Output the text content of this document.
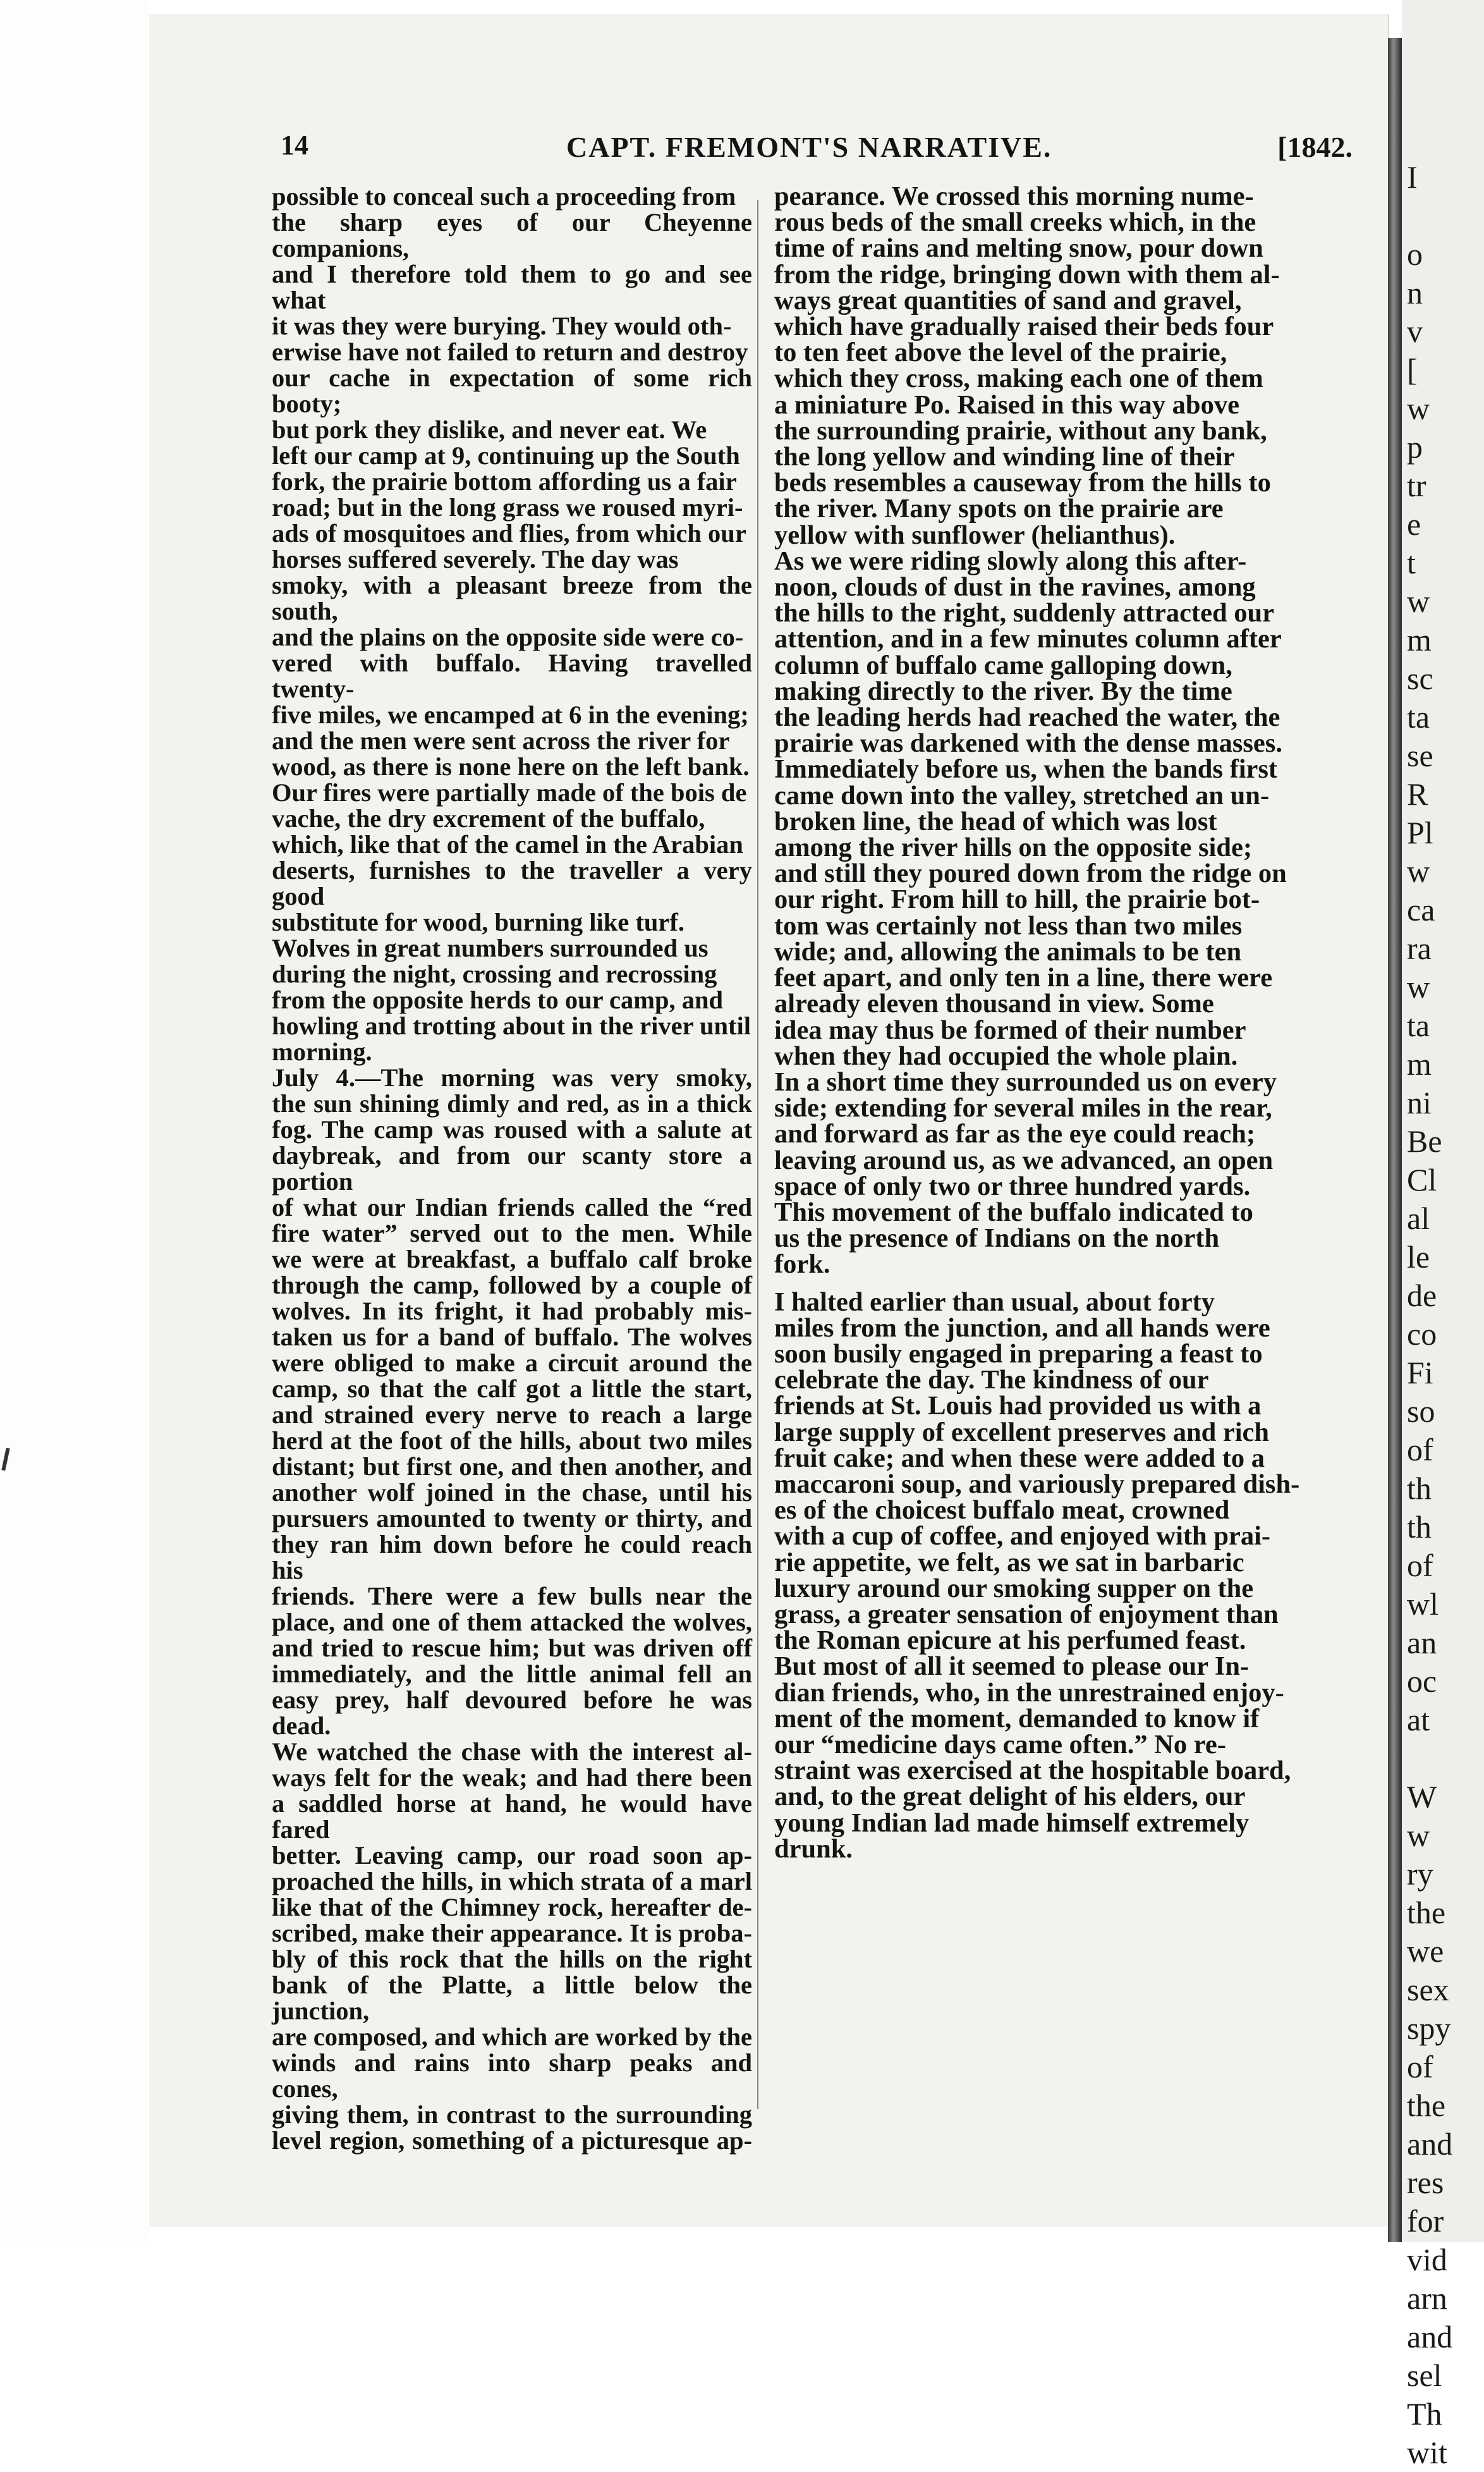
I

o
n
v
[
w
p
tr
e
t
w
m
sc
ta
se
R
Pl
w
ca
ra
w
ta
m
ni
Be
Cl
al
le
de
co
Fi
so
of
th
th
of
wl
an
oc
at

W
w
ry
the
we
sex
spy
of
the
and
res
for
vid
arn
and
sel
Th
wit
14	CAPT. FREMONT'S NARRATIVE.	[1842.

possible to conceal such a proceeding from
the sharp eyes of our Cheyenne companions,
and I therefore told them to go and see what
it was they were burying. They would oth-
erwise have not failed to return and destroy
our cache in expectation of some rich booty;
but pork they dislike, and never eat. We
left our camp at 9, continuing up the South
fork, the prairie bottom affording us a fair
road; but in the long grass we roused myri-
ads of mosquitoes and flies, from which our
horses suffered severely. The day was
smoky, with a pleasant breeze from the south,
and the plains on the opposite side were co-
vered with buffalo. Having travelled twenty-
five miles, we encamped at 6 in the evening;
and the men were sent across the river for
wood, as there is none here on the left bank.
Our fires were partially made of the bois de
vache, the dry excrement of the buffalo,
which, like that of the camel in the Arabian
deserts, furnishes to the traveller a very good
substitute for wood, burning like turf.
Wolves in great numbers surrounded us
during the night, crossing and recrossing
from the opposite herds to our camp, and
howling and trotting about in the river until
morning.

July 4.—The morning was very smoky,
the sun shining dimly and red, as in a thick
fog. The camp was roused with a salute at
daybreak, and from our scanty store a portion
of what our Indian friends called the “red
fire water” served out to the men. While
we were at breakfast, a buffalo calf broke
through the camp, followed by a couple of
wolves. In its fright, it had probably mis-
taken us for a band of buffalo. The wolves
were obliged to make a circuit around the
camp, so that the calf got a little the start,
and strained every nerve to reach a large
herd at the foot of the hills, about two miles
distant; but first one, and then another, and
another wolf joined in the chase, until his
pursuers amounted to twenty or thirty, and
they ran him down before he could reach his
friends. There were a few bulls near the
place, and one of them attacked the wolves,
and tried to rescue him; but was driven off
immediately, and the little animal fell an
easy prey, half devoured before he was dead.
We watched the chase with the interest al-
ways felt for the weak; and had there been
a saddled horse at hand, he would have fared
better. Leaving camp, our road soon ap-
proached the hills, in which strata of a marl
like that of the Chimney rock, hereafter de-
scribed, make their appearance. It is proba-
bly of this rock that the hills on the right
bank of the Platte, a little below the junction,
are composed, and which are worked by the
winds and rains into sharp peaks and cones,
giving them, in contrast to the surrounding
level region, something of a picturesque ap-

pearance. We crossed this morning nume-
rous beds of the small creeks which, in the
time of rains and melting snow, pour down
from the ridge, bringing down with them al-
ways great quantities of sand and gravel,
which have gradually raised their beds four
to ten feet above the level of the prairie,
which they cross, making each one of them
a miniature Po. Raised in this way above
the surrounding prairie, without any bank,
the long yellow and winding line of their
beds resembles a causeway from the hills to
the river. Many spots on the prairie are
yellow with sunflower (helianthus).

As we were riding slowly along this after-
noon, clouds of dust in the ravines, among
the hills to the right, suddenly attracted our
attention, and in a few minutes column after
column of buffalo came galloping down,
making directly to the river. By the time
the leading herds had reached the water, the
prairie was darkened with the dense masses.
Immediately before us, when the bands first
came down into the valley, stretched an un-
broken line, the head of which was lost
among the river hills on the opposite side;
and still they poured down from the ridge on
our right. From hill to hill, the prairie bot-
tom was certainly not less than two miles
wide; and, allowing the animals to be ten
feet apart, and only ten in a line, there were
already eleven thousand in view. Some
idea may thus be formed of their number
when they had occupied the whole plain.
In a short time they surrounded us on every
side; extending for several miles in the rear,
and forward as far as the eye could reach;
leaving around us, as we advanced, an open
space of only two or three hundred yards.
This movement of the buffalo indicated to
us the presence of Indians on the north
fork.

I halted earlier than usual, about forty
miles from the junction, and all hands were
soon busily engaged in preparing a feast to
celebrate the day. The kindness of our
friends at St. Louis had provided us with a
large supply of excellent preserves and rich
fruit cake; and when these were added to a
maccaroni soup, and variously prepared dish-
es of the choicest buffalo meat, crowned
with a cup of coffee, and enjoyed with prai-
rie appetite, we felt, as we sat in barbaric
luxury around our smoking supper on the
grass, a greater sensation of enjoyment than
the Roman epicure at his perfumed feast.
But most of all it seemed to please our In-
dian friends, who, in the unrestrained enjoy-
ment of the moment, demanded to know if
our “medicine days came often.” No re-
straint was exercised at the hospitable board,
and, to the great delight of his elders, our
young Indian lad made himself extremely
drunk.
